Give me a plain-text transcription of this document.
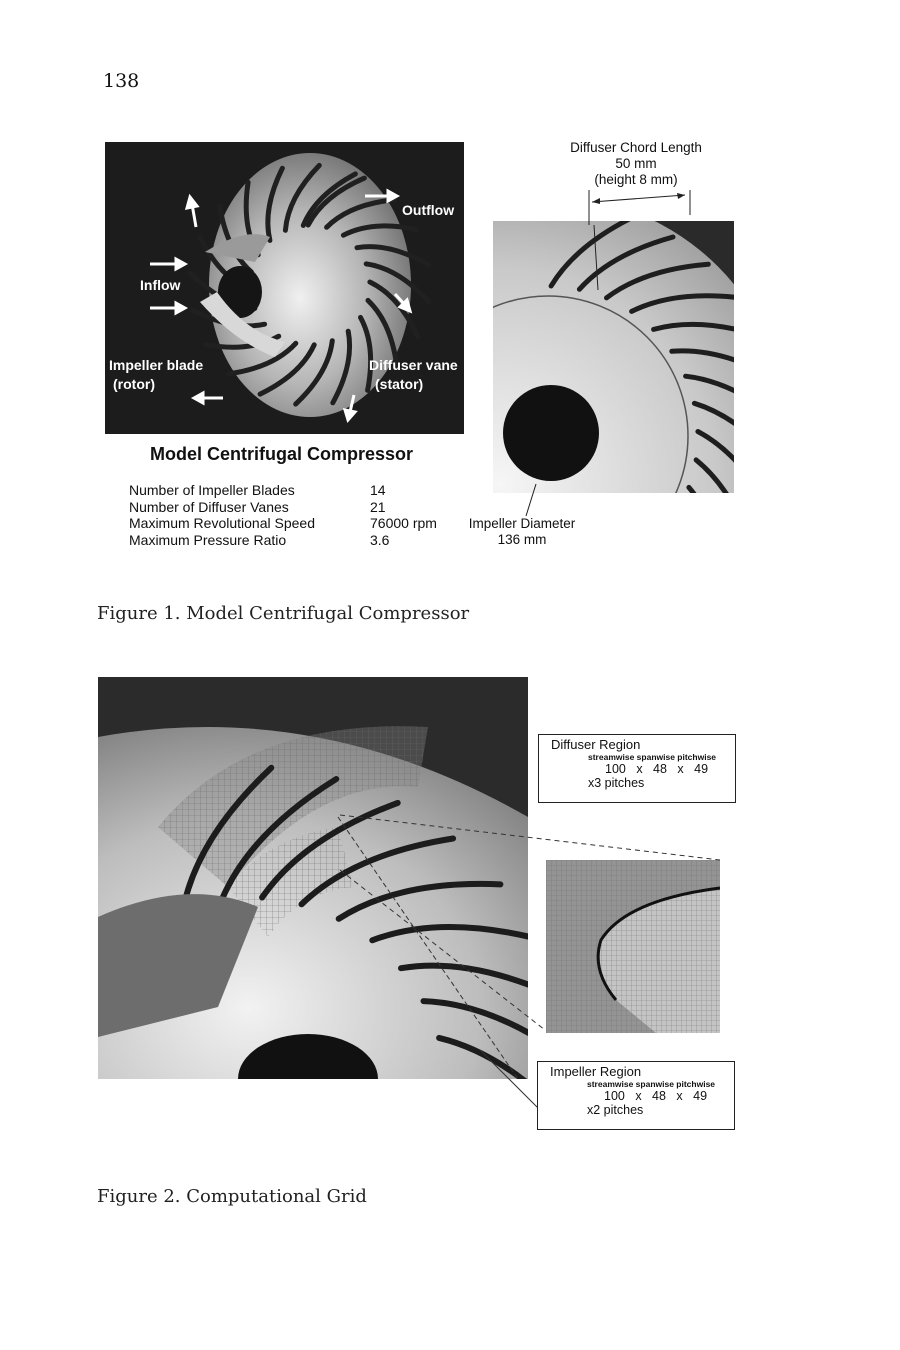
138
Outflow
Inflow
Impeller blade
(rotor)
Diffuser vane
(stator)
Model Centrifugal Compressor
Number of Impeller Blades	14
Number of Diffuser Vanes	21
Maximum Revolutional Speed	76000 rpm
Maximum Pressure Ratio	3.6
Diffuser Chord Length
50 mm
(height 8 mm)
Impeller Diameter
136 mm
Figure 1. Model Centrifugal Compressor
Diffuser Region
streamwise spanwise pitchwise
100 x 48 x 49
x3 pitches
Impeller Region
streamwise spanwise pitchwise
100 x 48 x 49
x2 pitches
Figure 2. Computational Grid
